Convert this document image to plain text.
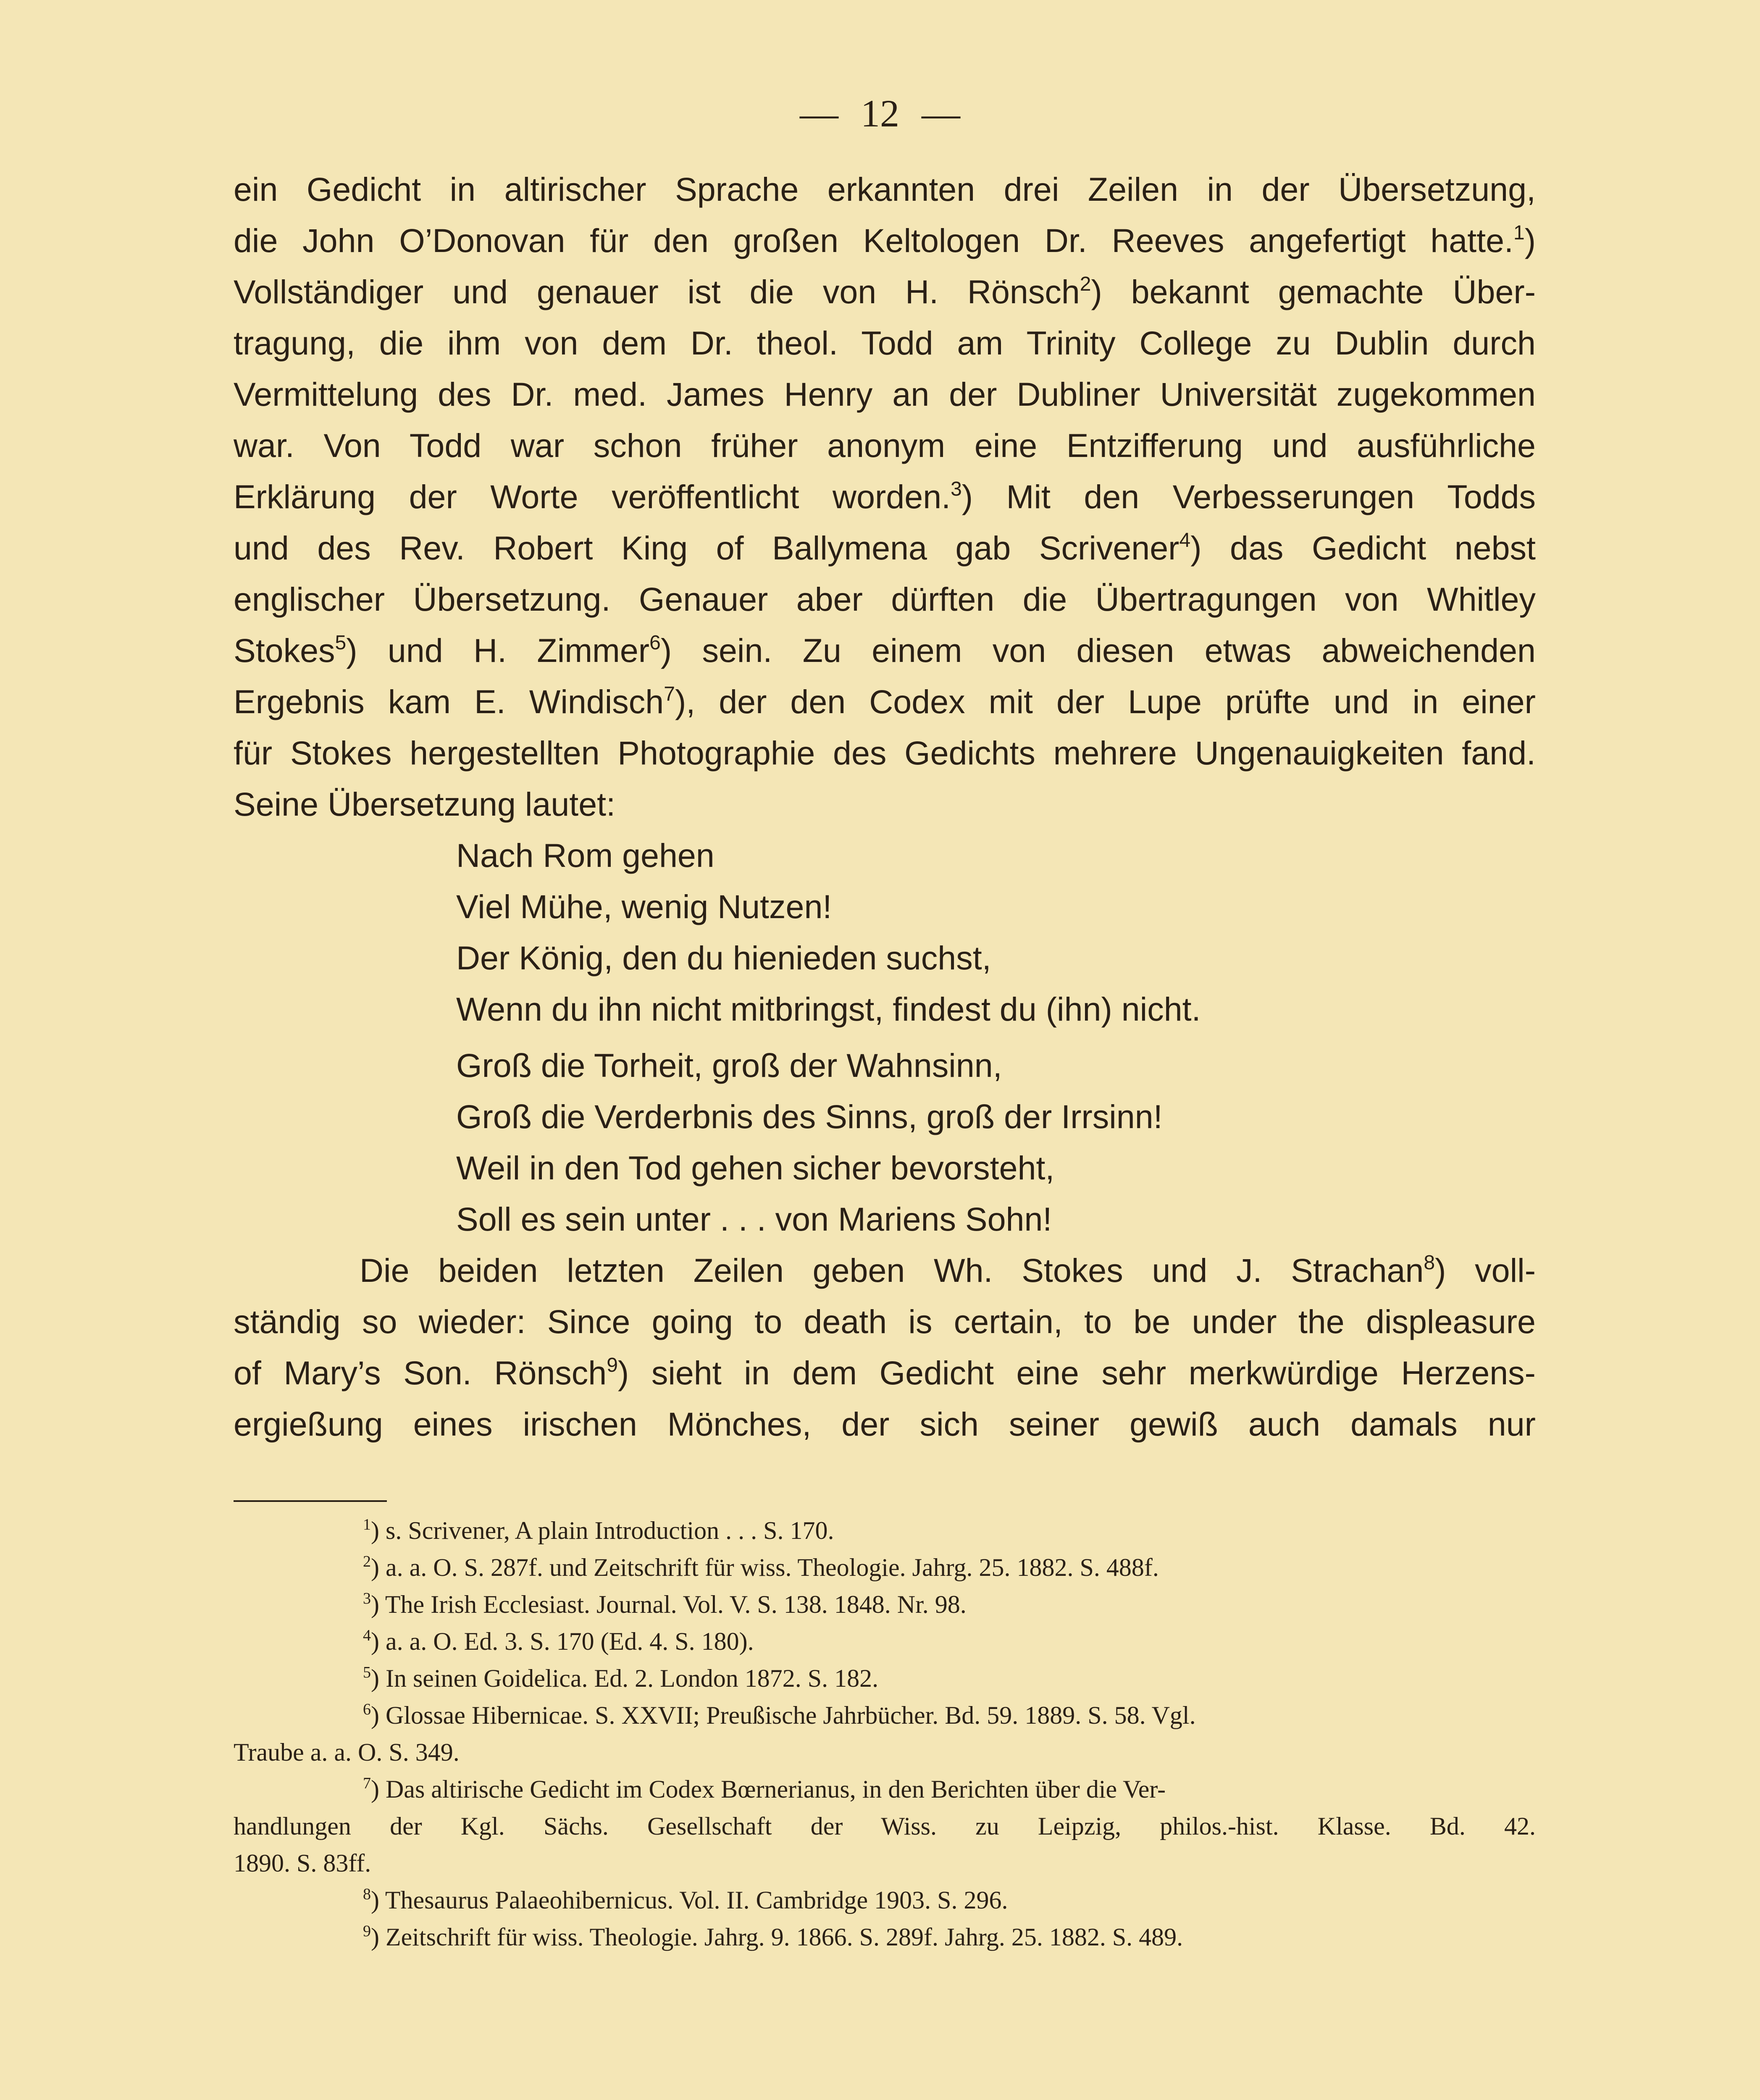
— 12 —
ein Gedicht in altirischer Sprache erkannten drei Zeilen in der Übersetzung,
die John O’Donovan für den großen Keltologen Dr. Reeves angefertigt hatte.$^1$)
Vollständiger und genauer ist die von H. Rönsch$^2$) bekannt gemachte Über-
tragung, die ihm von dem Dr. theol. Todd am Trinity College zu Dublin durch
Vermittelung des Dr. med. James Henry an der Dubliner Universität zugekommen
war. Von Todd war schon früher anonym eine Entzifferung und ausführliche
Erklärung der Worte veröffentlicht worden.$^3$) Mit den Verbesserungen Todds
und des Rev. Robert King of Ballymena gab Scrivener$^4$) das Gedicht nebst
englischer Übersetzung. Genauer aber dürften die Übertragungen von Whitley
Stokes$^5$) und H. Zimmer$^6$) sein. Zu einem von diesen etwas abweichenden
Ergebnis kam E. Windisch$^7$), der den Codex mit der Lupe prüfte und in einer
für Stokes hergestellten Photographie des Gedichts mehrere Ungenauigkeiten fand.
Seine Übersetzung lautet:
Nach Rom gehen
Viel Mühe, wenig Nutzen!
Der König, den du hienieden suchst,
Wenn du ihn nicht mitbringst, findest du (ihn) nicht.
Groß die Torheit, groß der Wahnsinn,
Groß die Verderbnis des Sinns, groß der Irrsinn!
Weil in den Tod gehen sicher bevorsteht,
Soll es sein unter . . . von Mariens Sohn!
Die beiden letzten Zeilen geben Wh. Stokes und J. Strachan$^8$) voll-
ständig so wieder: Since going to death is certain, to be under the displeasure
of Mary’s Son. Rönsch$^9$) sieht in dem Gedicht eine sehr merkwürdige Herzens-
ergießung eines irischen Mönches, der sich seiner gewiß auch damals nur
$^1$) s. Scrivener, A plain Introduction . . . S. 170.
$^2$) a. a. O. S. 287f. und Zeitschrift für wiss. Theologie. Jahrg. 25. 1882. S. 488f.
$^3$) The Irish Ecclesiast. Journal. Vol. V. S. 138. 1848. Nr. 98.
$^4$) a. a. O. Ed. 3. S. 170 (Ed. 4. S. 180).
$^5$) In seinen Goidelica. Ed. 2. London 1872. S. 182.
$^6$) Glossae Hibernicae. S. XXVII; Preußische Jahrbücher. Bd. 59. 1889. S. 58. Vgl.
Traube a. a. O. S. 349.
$^7$) Das altirische Gedicht im Codex Bœrnerianus, in den Berichten über die Ver-
handlungen der Kgl. Sächs. Gesellschaft der Wiss. zu Leipzig, philos.-hist. Klasse. Bd. 42.
1890. S. 83ff.
$^8$) Thesaurus Palaeohibernicus. Vol. II. Cambridge 1903. S. 296.
$^9$) Zeitschrift für wiss. Theologie. Jahrg. 9. 1866. S. 289f. Jahrg. 25. 1882. S. 489.
